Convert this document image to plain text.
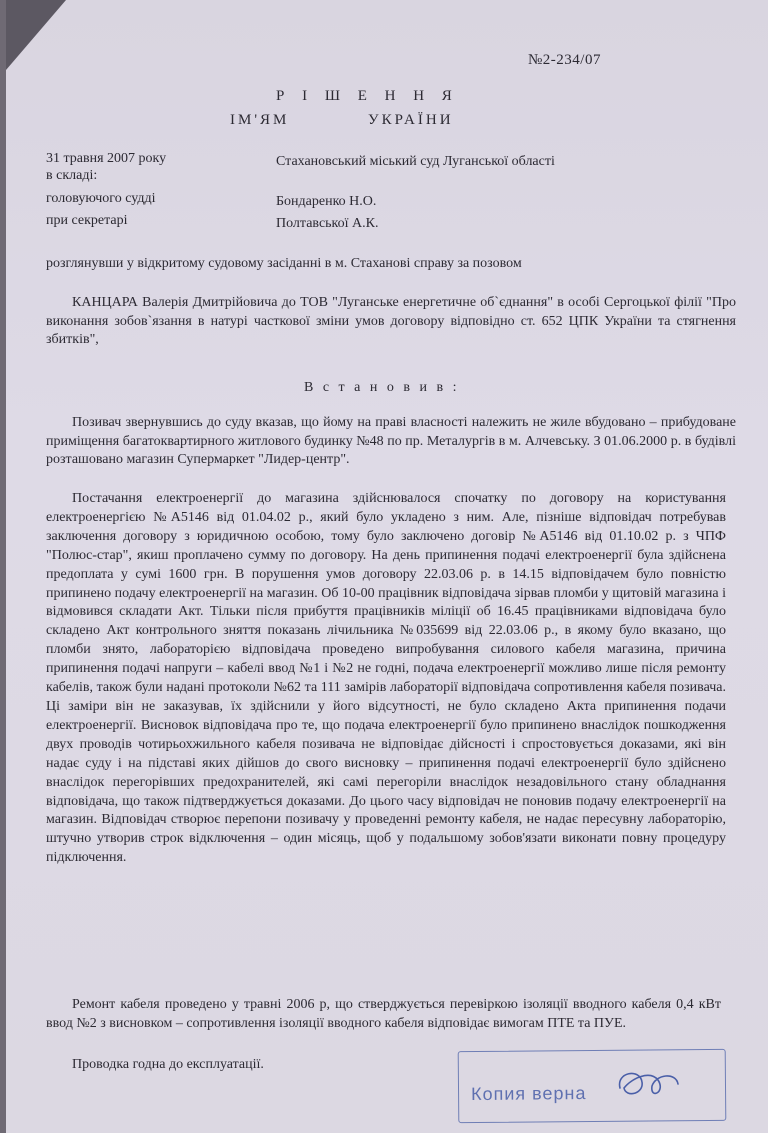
№2-234/07
Р І Ш Е Н Н Я
ІМ'ЯМ	УКРАЇНИ
31 травня 2007 року	Стахановський міський суд Луганської області
в складі:
головуючого судді	Бондаренко Н.О.
при секретарі	Полтавської А.К.
розглянувши у відкритому судовому засіданні в м. Стаханові справу за позовом
КАНЦАРА Валерія Дмитрійовича до ТОВ "Луганське енергетичне об`єднання" в особі Сергоцької філії "Про виконання зобов`язання в натурі часткової зміни умов договору відповідно ст. 652 ЦПК України та стягнення збитків",
В с т а н о в и в :
Позивач звернувшись до суду вказав, що йому на праві власності належить не жиле вбудовано – прибудоване приміщення багатоквартирного житлового будинку №48 по пр. Металургів в м. Алчевську. З 01.06.2000 р. в будівлі розташовано магазин Супермаркет "Лидер-центр".
Постачання електроенергії до магазина здійснювалося спочатку по договору на користування електроенергією №А5146 від 01.04.02 р., який було укладено з ним. Але, пізніше відповідач потребував заключення договору з юридичною особою, тому було заключено договір №А5146 від 01.10.02 р. з ЧПФ "Полюс-стар", якиш проплачено сумму по договору. На день припинення подачі електроенергії була здійснена предоплата у сумі 1600 грн. В порушення умов договору 22.03.06 р. в 14.15 відповідачем було повністю припинено подачу електроенергії на магазин. Об 10-00 працівник відповідача зірвав пломби у щитовій магазина і відмовився складати Акт. Тільки після прибуття працівників міліції об 16.45 працівниками відповідача було складено Акт контрольного зняття показань лічильника №035699 від 22.03.06 р., в якому було вказано, що пломби знято, лабораторією відповідача проведено випробування силового кабеля магазина, причина припинення подачі напруги – кабелі ввод №1 і №2 не годні, подача електроенергії можливо лише після ремонту кабелів, також були надані протоколи №62 та 111 замірів лабораторії відповідача сопротивлення кабеля позивача. Ці заміри він не заказував, їх здійснили у його відсутності, не було складено Акта припинення подачи електроенергії. Висновок відповідача про те, що подача електроенергії було припинено внаслідок пошкодження двух проводів чотирьохжильного кабеля позивача не відповідає дійсності і спростовується доказами, які він надає суду і на підставі яких дійшов до свого висновку – припинення подачі електроенергії було здійснено внаслідок перегорівших предохранителей, які самі перегоріли внаслідок незадовільного стану обладнання відповідача, що також підтверджується доказами. До цього часу відповідач не поновив подачу електроенергії на магазин. Відповідач створює перепони позивачу у проведенні ремонту кабеля, не надає пересувну лабораторію, штучно утворив строк відключення – один місяць, щоб у подальшому зобов'язати виконати повну процедуру підключення.
Ремонт кабеля проведено у травні 2006 р, що стверджується перевіркою ізоляції вводного кабеля 0,4 кВт ввод №2 з висновком – сопротивлення ізоляції вводного кабеля відповідає вимогам ПТЕ та ПУЕ.
Проводка годна до експлуатації.
Копия верна
